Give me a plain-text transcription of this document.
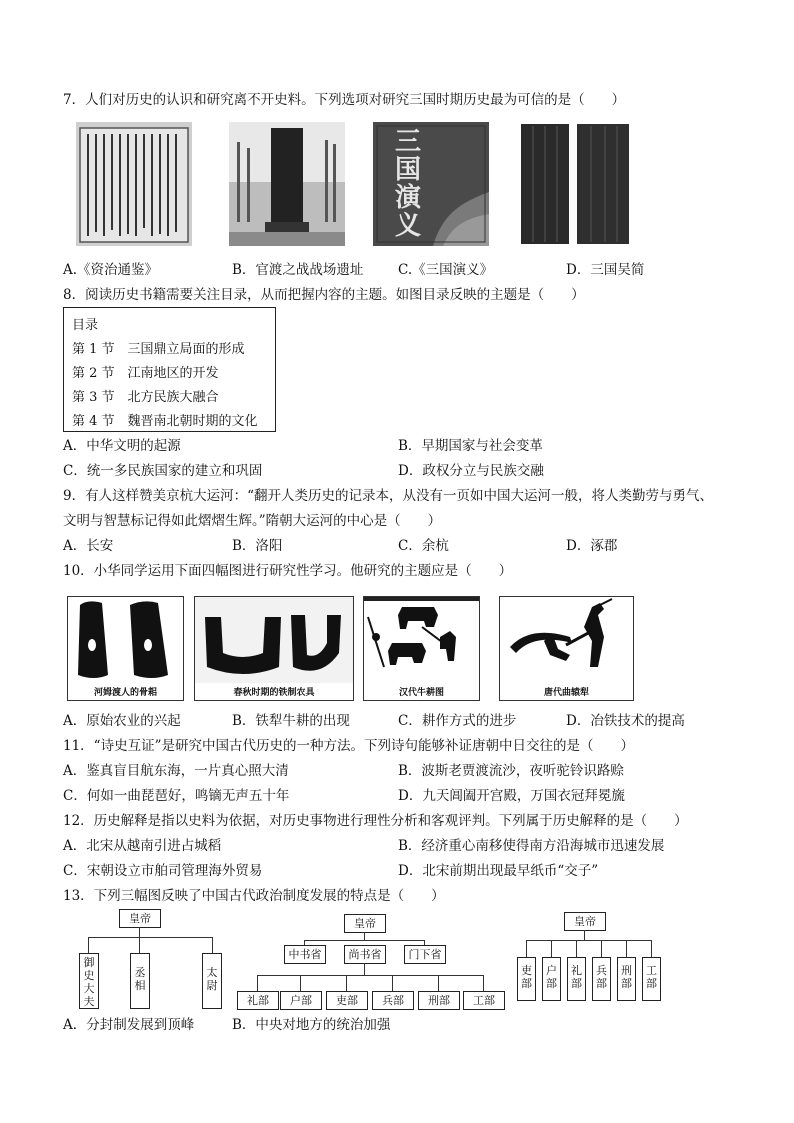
7．人们对历史的认识和研究离不开史料。下列选项对研究三国时期历史最为可信的是（　　）
三国演义
A.《资治通鉴》	B．官渡之战战场遗址	C.《三国演义》	D．三国吴简
8．阅读历史书籍需要关注目录，从而把握内容的主题。如图目录反映的主题是（　　）
目录
第 1 节　三国鼎立局面的形成
第 2 节　江南地区的开发
第 3 节　北方民族大融合
第 4 节　魏晋南北朝时期的文化
A．中华文明的起源	B．早期国家与社会变革
C．统一多民族国家的建立和巩固	D．政权分立与民族交融
9．有人这样赞美京杭大运河：“翻开人类历史的记录本，从没有一页如中国大运河一般，将人类勤劳与勇气、
文明与智慧标记得如此熠熠生辉。”隋朝大运河的中心是（　　）
A．长安	B．洛阳	C．余杭	D．涿郡
10．小华同学运用下面四幅图进行研究性学习。他研究的主题应是（　　）
河姆渡人的骨耜	春秋时期的铁制农具	汉代牛耕图	唐代曲辕犁
A．原始农业的兴起	B．铁犁牛耕的出现	C．耕作方式的进步	D．冶铁技术的提高
11．“诗史互证”是研究中国古代历史的一种方法。下列诗句能够补证唐朝中日交往的是（　　）
A．鉴真盲目航东海，一片真心照大清	B．波斯老贾渡流沙，夜听驼铃识路赊
C．何如一曲琵琶好，鸣镝无声五十年	D．九天阊阖开宫殿，万国衣冠拜冕旒
12．历史解释是指以史料为依据，对历史事物进行理性分析和客观评判。下列属于历史解释的是（　　）
A．北宋从越南引进占城稻	B．经济重心南移使得南方沿海城市迅速发展
C．宋朝设立市舶司管理海外贸易	D．北宋前期出现最早纸币“交子”
13．下列三幅图反映了中国古代政治制度发展的特点是（　　）
皇帝
御史大夫
丞相
太尉
皇帝
中书省	尚书省	门下省
礼部	户部	吏部	兵部	刑部	工部
皇帝
吏部
户部
礼部
兵部
刑部
工部
A．分封制发展到顶峰	B．中央对地方的统治加强
